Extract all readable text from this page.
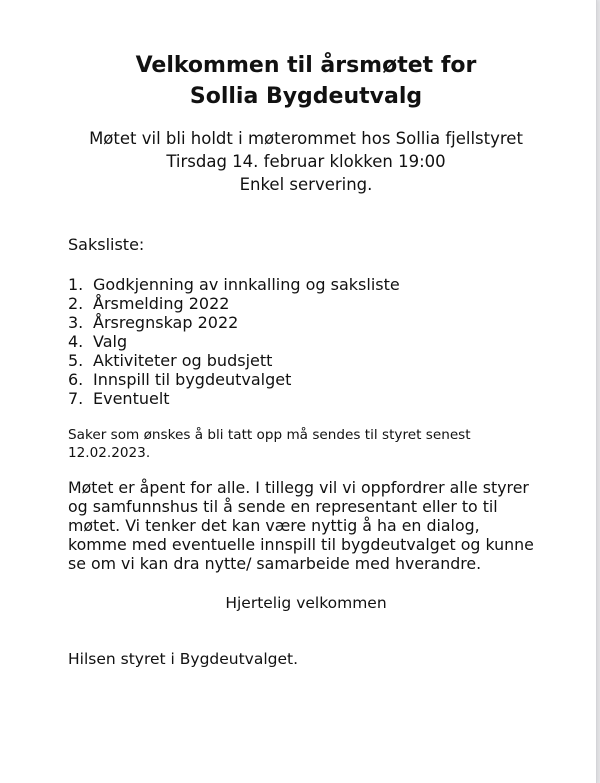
Velkommen til årsmøtet for
Sollia Bygdeutvalg
Møtet vil bli holdt i møterommet hos Sollia fjellstyret
Tirsdag 14. februar klokken 19:00
Enkel servering.
Saksliste:
1. Godkjenning av innkalling og saksliste
2. Årsmelding 2022
3. Årsregnskap 2022
4. Valg
5. Aktiviteter og budsjett
6. Innspill til bygdeutvalget
7. Eventuelt

Saker som ønskes å bli tatt opp må sendes til styret senest 12.02.2023.

Møtet er åpent for alle. I tillegg vil vi oppfordrer alle styrer
og samfunnshus til å sende en representant eller to til
møtet. Vi tenker det kan være nyttig å ha en dialog,
komme med eventuelle innspill til bygdeutvalget og kunne
se om vi kan dra nytte/ samarbeide med hverandre.
Hjertelig velkommen
Hilsen styret i Bygdeutvalget.
